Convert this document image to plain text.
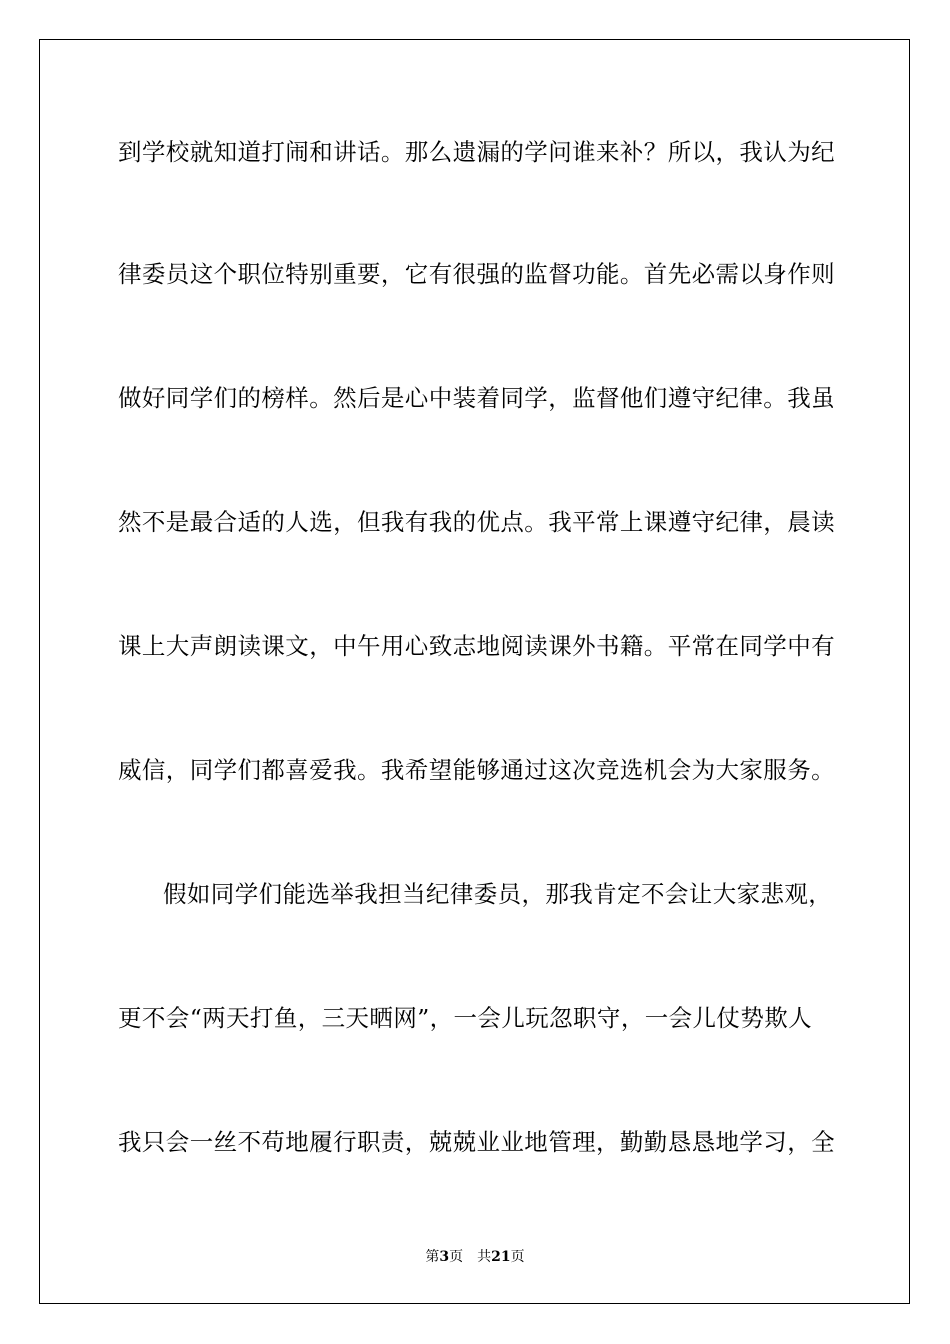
到学校就知道打闹和讲话。那么遗漏的学问谁来补？所以，我认为纪
律委员这个职位特别重要，它有很强的监督功能。首先必需以身作则
做好同学们的榜样。然后是心中装着同学，监督他们遵守纪律。我虽
然不是最合适的人选，但我有我的优点。我平常上课遵守纪律，晨读
课上大声朗读课文，中午用心致志地阅读课外书籍。平常在同学中有
威信，同学们都喜爱我。我希望能够通过这次竞选机会为大家服务。
假如同学们能选举我担当纪律委员，那我肯定不会让大家悲观，
更不会“两天打鱼，三天晒网”，一会儿玩忽职守，一会儿仗势欺人
我只会一丝不苟地履行职责，兢兢业业地管理，勤勤恳恳地学习，全
第3页 共21页
